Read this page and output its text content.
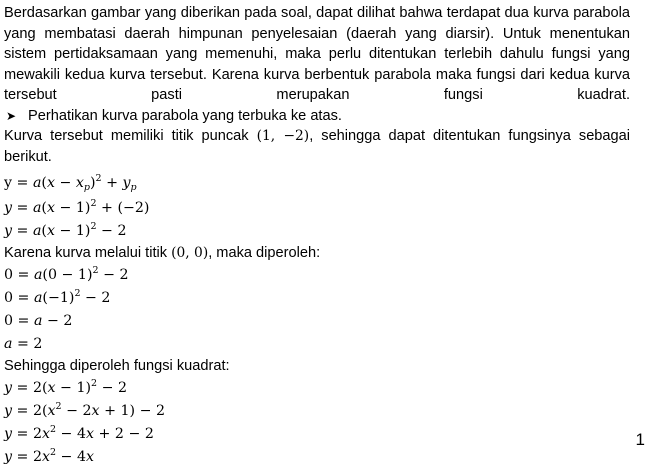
Berdasarkan gambar yang diberikan pada soal, dapat dilihat bahwa terdapat dua kurva parabola yang membatasi daerah himpunan penyelesaian (daerah yang diarsir). Untuk menentukan sistem pertidaksamaan yang memenuhi, maka perlu ditentukan terlebih dahulu fungsi yang mewakili kedua kurva tersebut. Karena kurva berbentuk parabola maka fungsi dari kedua kurva tersebut pasti merupakan fungsi kuadrat.

➤ Perhatikan kurva parabola yang terbuka ke atas.

Kurva tersebut memiliki titik puncak (1, −2), sehingga dapat ditentukan fungsinya sebagai berikut.

$y = a(x - x_p)^2 + y_p$

$y = a(x - 1)^2 + (-2)$

$y = a(x - 1)^2 - 2$

Karena kurva melalui titik (0, 0), maka diperoleh:

$0 = a(0 - 1)^2 - 2$

$0 = a(-1)^2 - 2$

0 = a − 2

a = 2

Sehingga diperoleh fungsi kuadrat:

$y = 2(x - 1)^2 - 2$

$y = 2(x^2 - 2x + 1) - 2$

$y = 2x^2 - 4x + 2 - 2$

$y = 2x^2 - 4x$

1
